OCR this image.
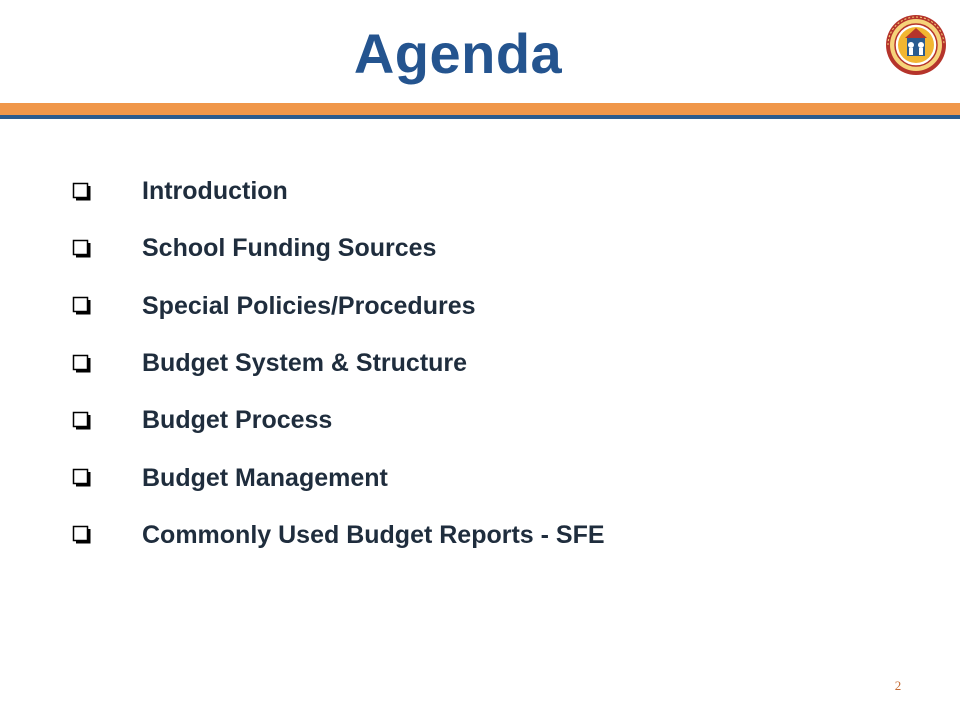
Agenda
Introduction
School Funding Sources
Special Policies/Procedures
Budget System & Structure
Budget Process
Budget Management
Commonly Used Budget Reports - SFE
2
